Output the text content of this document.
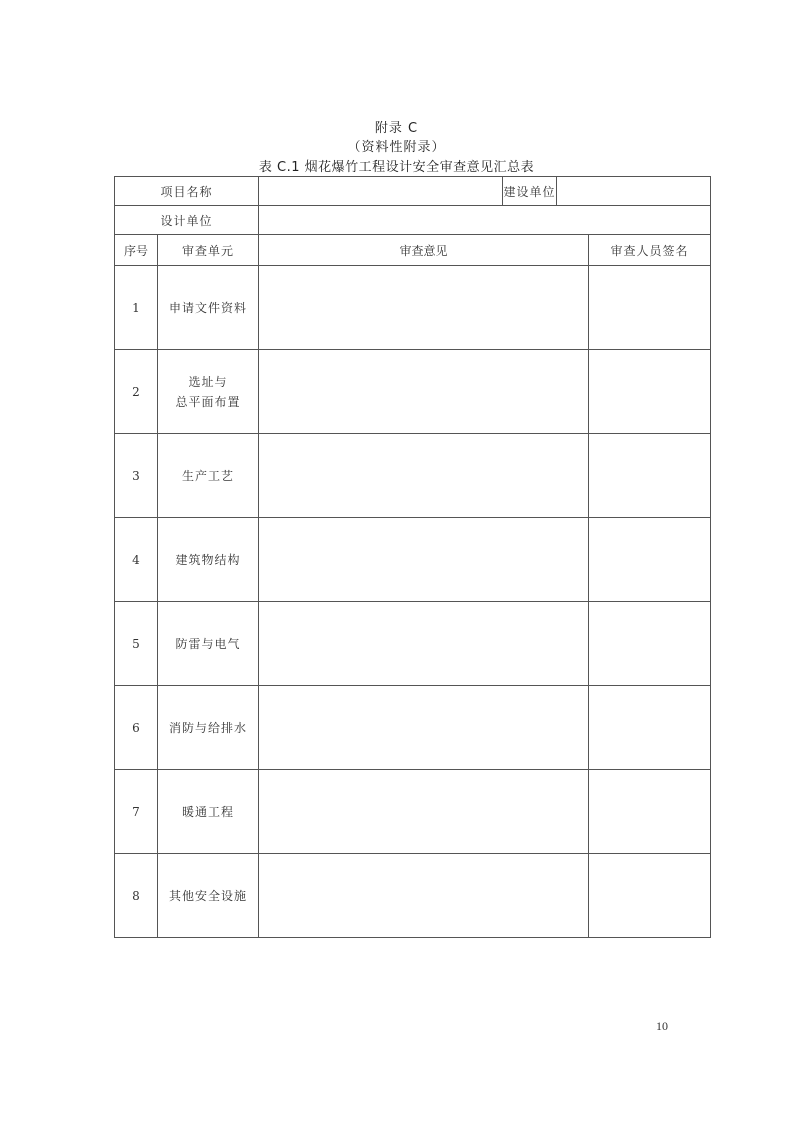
附录 C
（资料性附录）
表 C.1 烟花爆竹工程设计安全审查意见汇总表
项目名称			建设单位		
设计单位					
序号	审查单元	审查意见			审查人员签名
1	申请文件资料				
2	选址与
总平面布置				

3	生产工艺				
4	建筑物结构				
5	防雷与电气				
6	消防与给排水				
7	暖通工程				
8	其他安全设施				
10
